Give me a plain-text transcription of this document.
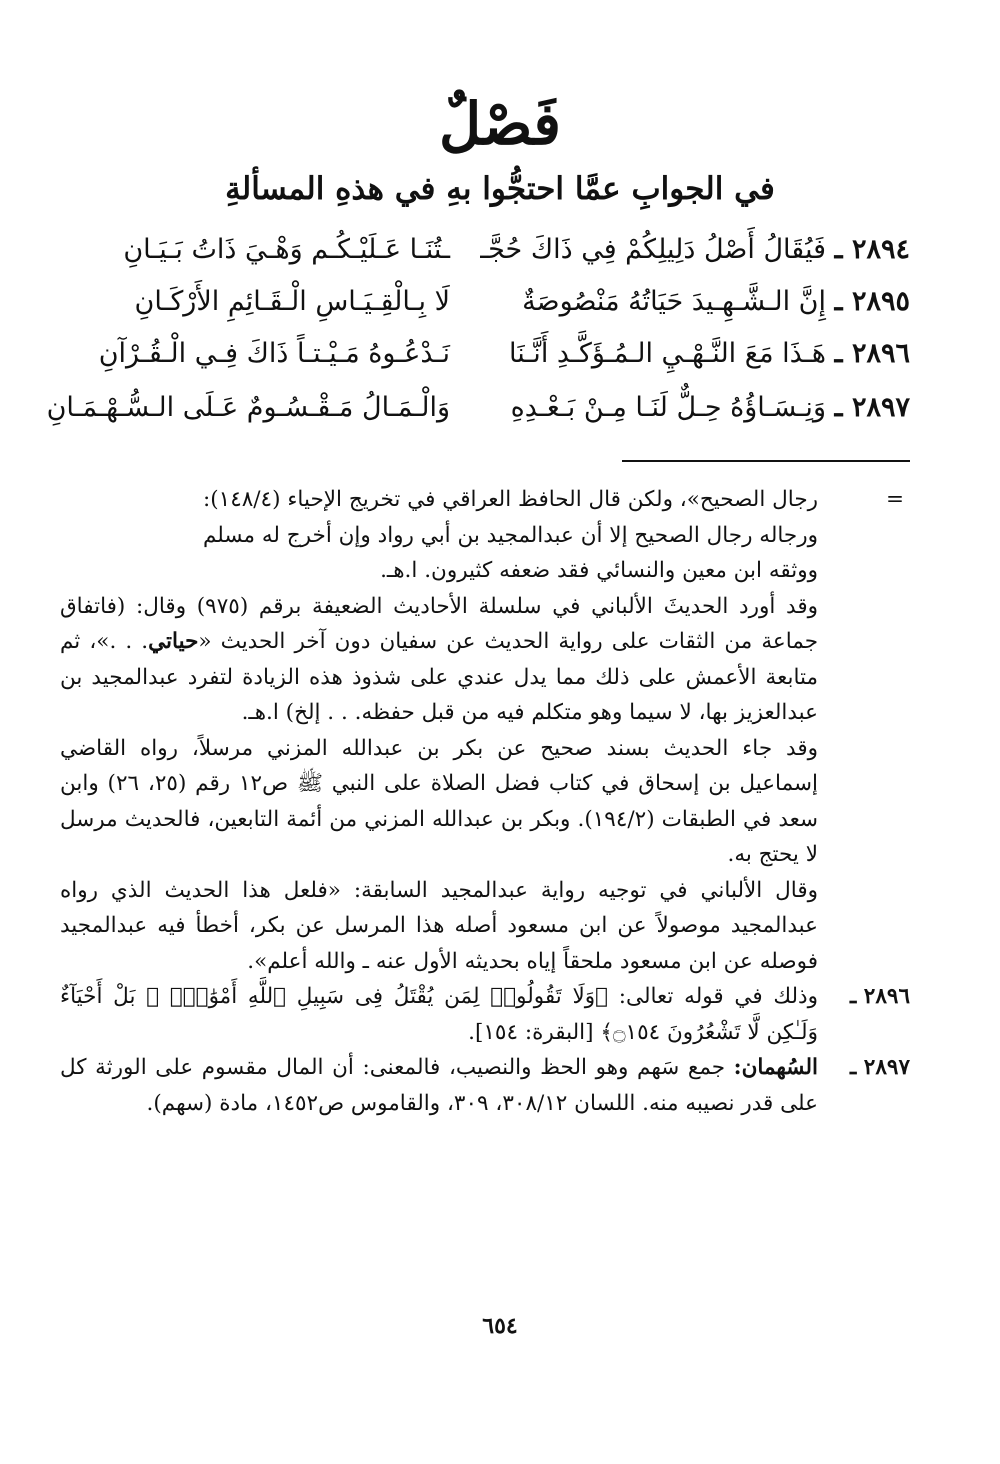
فَصْلٌ
في الجوابِ عمَّا احتجُّوا بهِ في هذهِ المسألةِ
٢٨٩٤ ـ
فَيُقَالُ أَصْلُ دَلِيلِكُمْ فِي ذَاكَ حُجَّـ
ـتُنَـا عَـلَيْـكُـم وَهْـيَ ذَاتُ بَـيَـانِ
٢٨٩٥ ـ
إِنَّ الـشَّـهِـيدَ حَيَاتُهُ مَنْصُوصَةٌ
لَا بِـالْقِـيَـاسِ الْـقَـائِمِ الأَرْكَـانِ
٢٨٩٦ ـ
هَـذَا مَعَ النَّـهْـيِ الـمُـؤَكَّـدِ أَنَّـنَا
نَـدْعُـوهُ مَـيْـتـاً ذَاكَ فِـي الْـقُـرْآنِ
٢٨٩٧ ـ
وَنِـسَـاؤُهُ حِـلٌّ لَنَـا مِـنْ بَـعْـدِهِ
وَالْـمَـالُ مَـقْـسُـومٌ عَـلَى الـسُّـهْـمَـانِ
=

رجال الصحيح»، ولكن قال الحافظ العراقي في تخريج الإحياء (١٤٨/٤):

ورجاله رجال الصحيح إلا أن عبدالمجيد بن أبي رواد وإن أخرج له مسلم

ووثقه ابن معين والنسائي فقد ضعفه كثيرون. ا.هـ.

وقد أورد الحديثَ الألباني في سلسلة الأحاديث الضعيفة برقم (٩٧٥) وقال: (فاتفاق جماعة من الثقات على رواية الحديث عن سفيان دون آخر الحديث «حياتي. . .»، ثم متابعة الأعمش على ذلك مما يدل عندي على شذوذ هذه الزيادة لتفرد عبدالمجيد بن عبدالعزيز بها، لا سيما وهو متكلم فيه من قبل حفظه. . . إلخ) ا.هـ.

وقد جاء الحديث بسند صحيح عن بكر بن عبدالله المزني مرسلاً، رواه القاضي إسماعيل بن إسحاق في كتاب فضل الصلاة على النبي ﷺ ص١٢ رقم (٢٥، ٢٦) وابن سعد في الطبقات (١٩٤/٢). وبكر بن عبدالله المزني من أئمة التابعين، فالحديث مرسل لا يحتج به.

وقال الألباني في توجيه رواية عبدالمجيد السابقة: «فلعل هذا الحديث الذي رواه عبدالمجيد موصولاً عن ابن مسعود أصله هذا المرسل عن بكر، أخطأ فيه عبدالمجيد فوصله عن ابن مسعود ملحقاً إياه بحديثه الأول عنه ـ والله أعلم».

٢٨٩٦ ـ

وذلك في قوله تعالى: ﴿وَلَا تَقُولُوا۟ لِمَن يُقْتَلُ فِى سَبِيلِ ٱللَّهِ أَمْوَٰتٌۢ ۚ بَلْ أَحْيَآءٌ وَلَـٰكِن لَّا تَشْعُرُونَ ۝١٥٤﴾ [البقرة: ١٥٤].

٢٨٩٧ ـ

السُهمان: جمع سَهم وهو الحظ والنصيب، فالمعنى: أن المال مقسوم على الورثة كل على قدر نصيبه منه. اللسان ٣٠٨/١٢، ٣٠٩، والقاموس ص١٤٥٢، مادة (سهم).

٦٥٤
